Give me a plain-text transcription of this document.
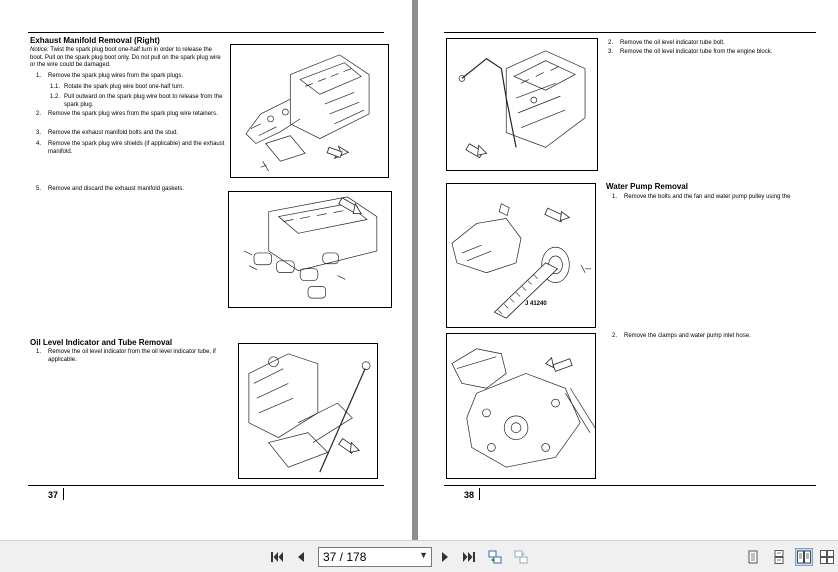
Exhaust Manifold Removal (Right)
Notice: Twist the spark plug boot one-half turn in order to release the boot. Pull on the spark plug boot only. Do not pull on the spark plug wire or the wire could be damaged.
1.	Remove the spark plug wires from the spark plugs.
1.1. Rotate the spark plug wire boot one-half turn.
1.2. Pull outward on the spark plug wire boot to release from the spark plug.
2.	Remove the spark plug wires from the spark plug wire retainers.
3.	Remove the exhaust manifold bolts and the stud.
4.	Remove the spark plug wire shields (if applicable) and the exhaust manifold.
5.	Remove and discard the exhaust manifold gaskets.
Oil Level Indicator and Tube Removal
1.	Remove the oil level indicator from the oil level indicator tube, if applicable.
37
2.	Remove the oil level indicator tube bolt.
3.	Remove the oil level indicator tube from the engine block.
Water Pump Removal
1.	Remove the bolts and the fan and water pump pulley using the
J 41240
2.	Remove the clamps and water pump inlet hose.
38
37 / 178	▼
